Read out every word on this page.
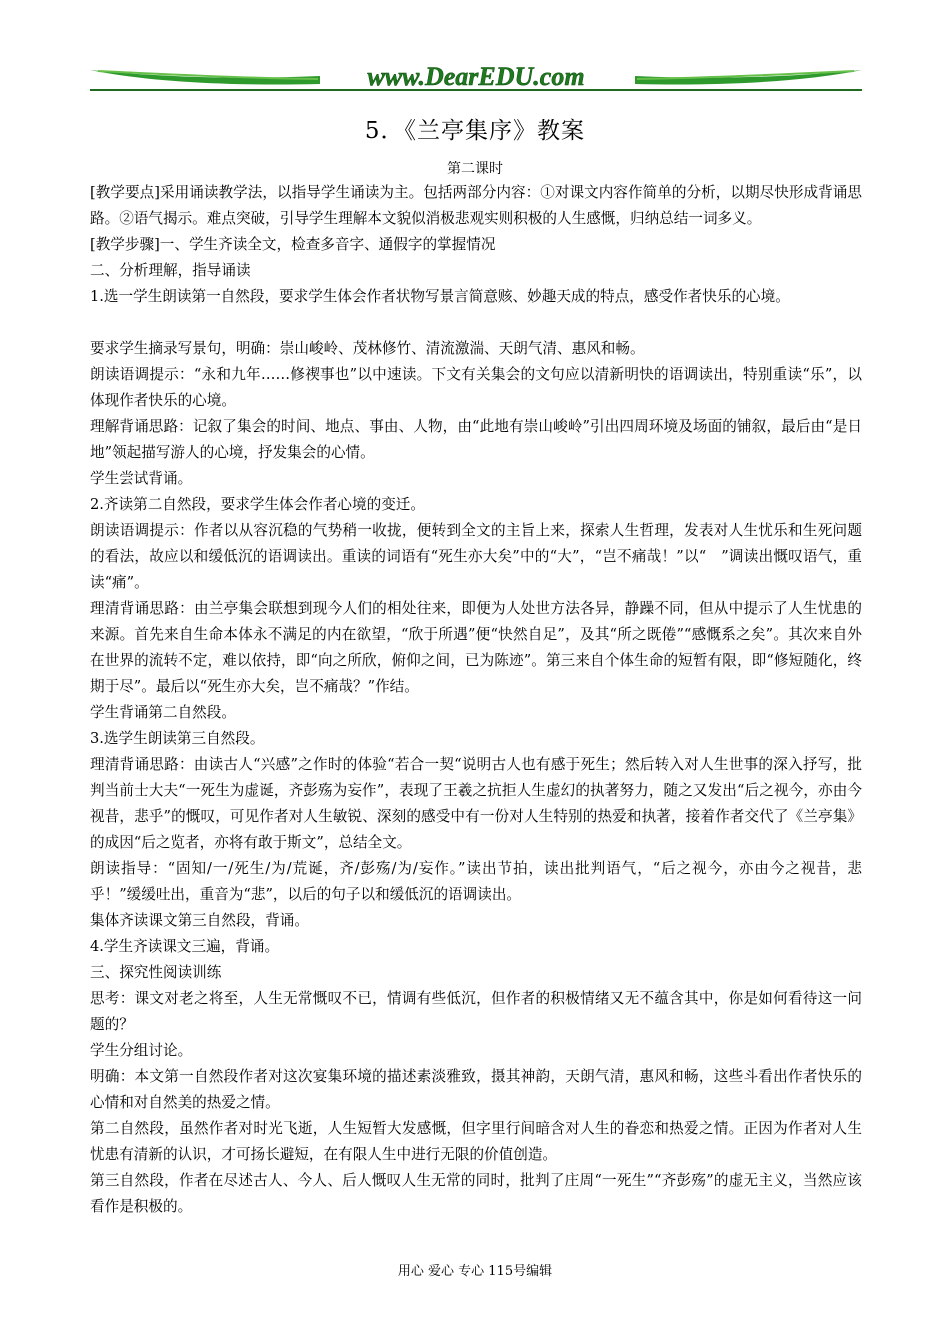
www.DearEDU.com
5．《兰亭集序》教案
第二课时

[教学要点]采用诵读教学法，以指导学生诵读为主。包括两部分内容：①对课文内容作简单的分析，以期尽快形成背诵思路。②语气揭示。难点突破，引导学生理解本文貌似消极悲观实则积极的人生感慨，归纳总结一词多义。

[教学步骤]一、学生齐读全文，检查多音字、通假字的掌握情况

二、分析理解，指导诵读

1.选一学生朗读第一自然段，要求学生体会作者状物写景言简意赅、妙趣天成的特点，感受作者快乐的心境。

要求学生摘录写景句，明确：崇山峻岭、茂林修竹、清流激湍、天朗气清、惠风和畅。

朗读语调提示：“永和九年……修禊事也”以中速读。下文有关集会的文句应以清新明快的语调读出，特别重读“乐”，以体现作者快乐的心境。

理解背诵思路：记叙了集会的时间、地点、事由、人物，由“此地有崇山峻岭”引出四周环境及场面的铺叙，最后由“是日地”领起描写游人的心境，抒发集会的心情。

学生尝试背诵。

2.齐读第二自然段，要求学生体会作者心境的变迁。

朗读语调提示：作者以从容沉稳的气势稍一收拢，便转到全文的主旨上来，探索人生哲理，发表对人生忧乐和生死问题的看法，故应以和缓低沉的语调读出。重读的词语有“死生亦大矣”中的“大”，“岂不痛哉！”以“　”调读出慨叹语气，重读“痛”。

理清背诵思路：由兰亭集会联想到现今人们的相处往来，即便为人处世方法各异，静躁不同，但从中提示了人生忧患的来源。首先来自生命本体永不满足的内在欲望，“欣于所遇”便“快然自足”，及其“所之既倦”“感慨系之矣”。其次来自外在世界的流转不定，难以依持，即“向之所欣，俯仰之间，已为陈迹”。第三来自个体生命的短暂有限，即“修短随化，终期于尽”。最后以“死生亦大矣，岂不痛哉？”作结。

学生背诵第二自然段。

3.选学生朗读第三自然段。

理清背诵思路：由读古人“兴感”之作时的体验“若合一契“说明古人也有感于死生；然后转入对人生世事的深入抒写，批判当前士大夫“一死生为虚诞，齐彭殇为妄作”，表现了王羲之抗拒人生虚幻的执著努力，随之又发出“后之视今，亦由今视昔，悲乎”的慨叹，可见作者对人生敏锐、深刻的感受中有一份对人生特别的热爱和执著，接着作者交代了《兰亭集》的成因“后之览者，亦将有敢于斯文”，总结全文。

朗读指导：“固知/一/死生/为/荒诞，齐/彭殇/为/妄作。”读出节拍，读出批判语气，“后之视今，亦由今之视昔，悲乎！”缓缓吐出，重音为“悲”，以后的句子以和缓低沉的语调读出。

集体齐读课文第三自然段，背诵。

4.学生齐读课文三遍，背诵。

三、探究性阅读训练

思考：课文对老之将至，人生无常慨叹不已，情调有些低沉，但作者的积极情绪又无不蕴含其中，你是如何看待这一问题的？

学生分组讨论。

明确：本文第一自然段作者对这次宴集环境的描述素淡雅致，摄其神韵，天朗气清，惠风和畅，这些斗看出作者快乐的心情和对自然美的热爱之情。

第二自然段，虽然作者对时光飞逝，人生短暂大发感慨，但字里行间暗含对人生的眷恋和热爱之情。正因为作者对人生忧患有清新的认识，才可扬长避短，在有限人生中进行无限的价值创造。

第三自然段，作者在尽述古人、今人、后人慨叹人生无常的同时，批判了庄周“一死生”“齐彭殇”的虚无主义，当然应该看作是积极的。

用心 爱心 专心 115号编辑
